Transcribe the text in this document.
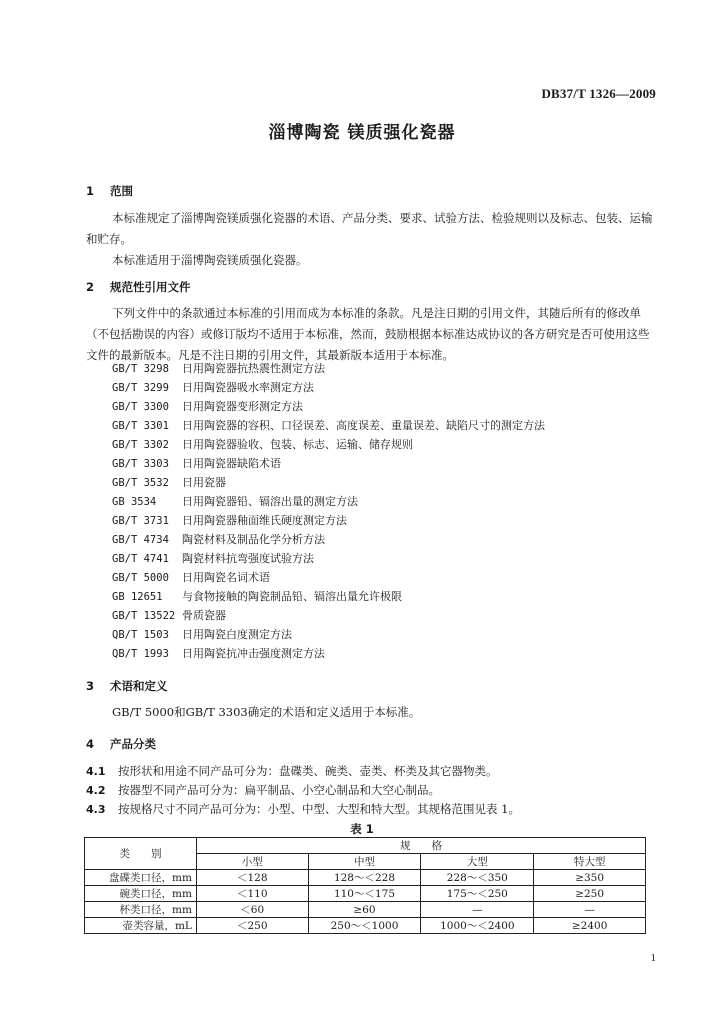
DB37/T 1326—2009
淄博陶瓷 镁质强化瓷器
1 范围
本标准规定了淄博陶瓷镁质强化瓷器的术语、产品分类、要求、试验方法、检验规则以及标志、包装、运输和贮存。
本标准适用于淄博陶瓷镁质强化瓷器。
2 规范性引用文件
下列文件中的条款通过本标准的引用而成为本标准的条款。凡是注日期的引用文件，其随后所有的修改单（不包括勘误的内容）或修订版均不适用于本标准，然而，鼓励根据本标准达成协议的各方研究是否可使用这些文件的最新版本。凡是不注日期的引用文件，其最新版本适用于本标准。
GB/T 3298 日用陶瓷器抗热震性测定方法
GB/T 3299 日用陶瓷器吸水率测定方法
GB/T 3300 日用陶瓷器变形测定方法
GB/T 3301 日用陶瓷器的容积、口径误差、高度误差、重量误差、缺陷尺寸的测定方法
GB/T 3302 日用陶瓷器验收、包装、标志、运输、储存规则
GB/T 3303 日用陶瓷器缺陷术语
GB/T 3532 日用瓷器
GB 3534 日用陶瓷器铅、镉溶出量的测定方法
GB/T 3731 日用陶瓷器釉面维氏硬度测定方法
GB/T 4734 陶瓷材料及制品化学分析方法
GB/T 4741 陶瓷材料抗弯强度试验方法
GB/T 5000 日用陶瓷名词术语
GB 12651 与食物接触的陶瓷制品铅、镉溶出量允许极限
GB/T 13522 骨质瓷器
QB/T 1503 日用陶瓷白度测定方法
QB/T 1993 日用陶瓷抗冲击强度测定方法
3 术语和定义
GB/T 5000和GB/T 3303确定的术语和定义适用于本标准。
4 产品分类
4.1 按形状和用途不同产品可分为：盘碟类、碗类、壶类、杯类及其它器物类。
4.2 按器型不同产品可分为：扁平制品、小空心制品和大空心制品。
4.3 按规格尺寸不同产品可分为：小型、中型、大型和特大型。其规格范围见表 1。
表 1
类　　别	规　　格			
	小型	中型	大型	特大型
盘碟类口径，mm	＜128	128～＜228	228～＜350	≥350
碗类口径，mm	＜110	110～＜175	175～＜250	≥250
杯类口径，mm	＜60	≥60	—	—
壶类容量，mL	＜250	250～＜1000	1000～＜2400	≥2400
1
